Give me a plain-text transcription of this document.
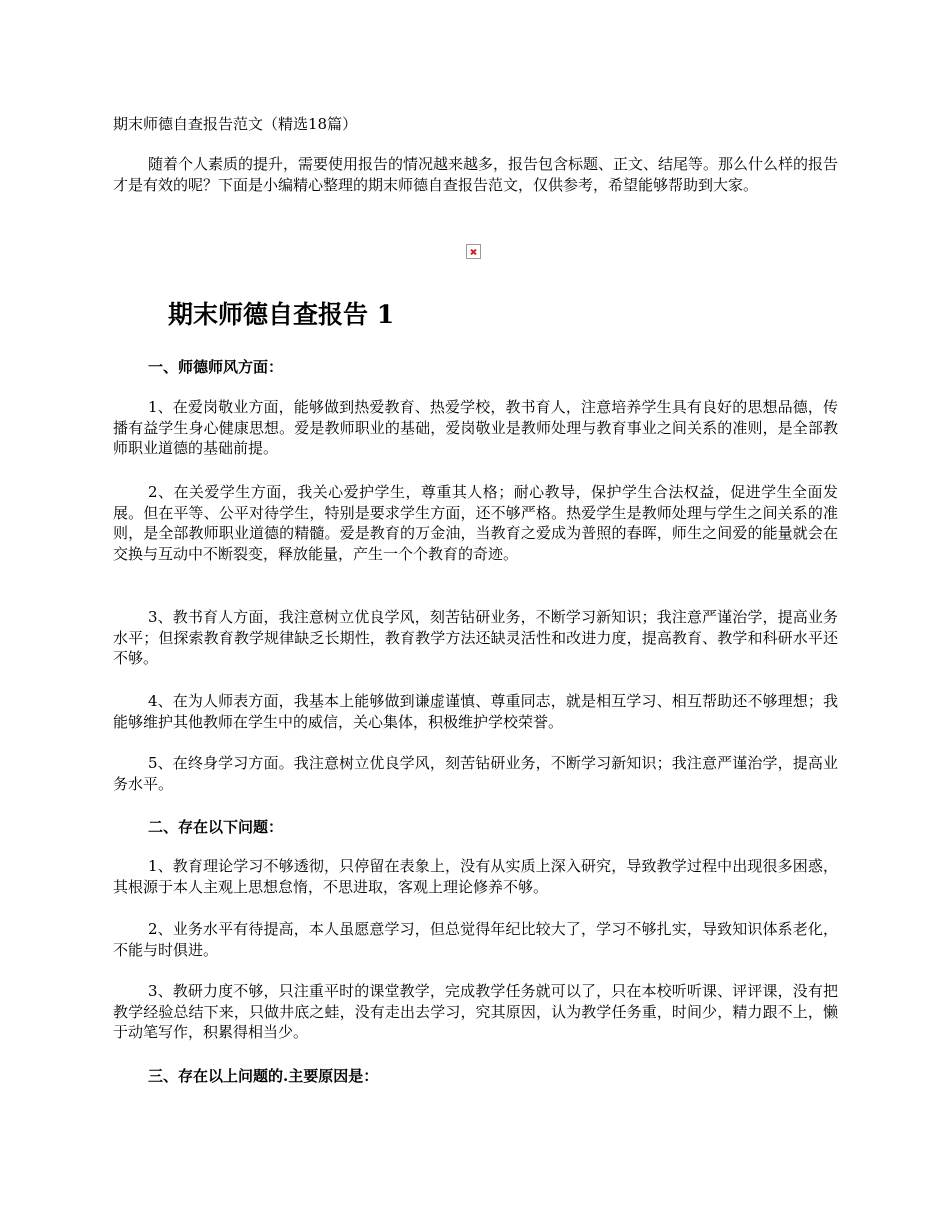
期末师德自查报告范文（精选18篇）

随着个人素质的提升，需要使用报告的情况越来越多，报告包含标题、正文、结尾等。那么什么样的报告才是有效的呢？下面是小编精心整理的期末师德自查报告范文，仅供参考，希望能够帮助到大家。

期末师德自查报告 1
一、师德师风方面：

1、在爱岗敬业方面，能够做到热爱教育、热爱学校，教书育人，注意培养学生具有良好的思想品德，传播有益学生身心健康思想。爱是教师职业的基础，爱岗敬业是教师处理与教育事业之间关系的准则，是全部教师职业道德的基础前提。

2、在关爱学生方面，我关心爱护学生，尊重其人格；耐心教导，保护学生合法权益，促进学生全面发展。但在平等、公平对待学生，特别是要求学生方面，还不够严格。热爱学生是教师处理与学生之间关系的准则，是全部教师职业道德的精髓。爱是教育的万金油，当教育之爱成为普照的春晖，师生之间爱的能量就会在交换与互动中不断裂变，释放能量，产生一个个教育的奇迹。

3、教书育人方面，我注意树立优良学风，刻苦钻研业务，不断学习新知识；我注意严谨治学，提高业务水平；但探索教育教学规律缺乏长期性，教育教学方法还缺灵活性和改进力度，提高教育、教学和科研水平还不够。

4、在为人师表方面，我基本上能够做到谦虚谨慎、尊重同志，就是相互学习、相互帮助还不够理想；我能够维护其他教师在学生中的威信，关心集体，积极维护学校荣誉。

5、在终身学习方面。我注意树立优良学风，刻苦钻研业务，不断学习新知识；我注意严谨治学，提高业务水平。

二、存在以下问题：

1、教育理论学习不够透彻，只停留在表象上，没有从实质上深入研究，导致教学过程中出现很多困惑，其根源于本人主观上思想怠惰，不思进取，客观上理论修养不够。

2、业务水平有待提高，本人虽愿意学习，但总觉得年纪比较大了，学习不够扎实，导致知识体系老化，不能与时俱进。

3、教研力度不够，只注重平时的课堂教学，完成教学任务就可以了，只在本校听听课、评评课，没有把教学经验总结下来，只做井底之蛙，没有走出去学习，究其原因，认为教学任务重，时间少，精力跟不上，懒于动笔写作，积累得相当少。

三、存在以上问题的.主要原因是：
